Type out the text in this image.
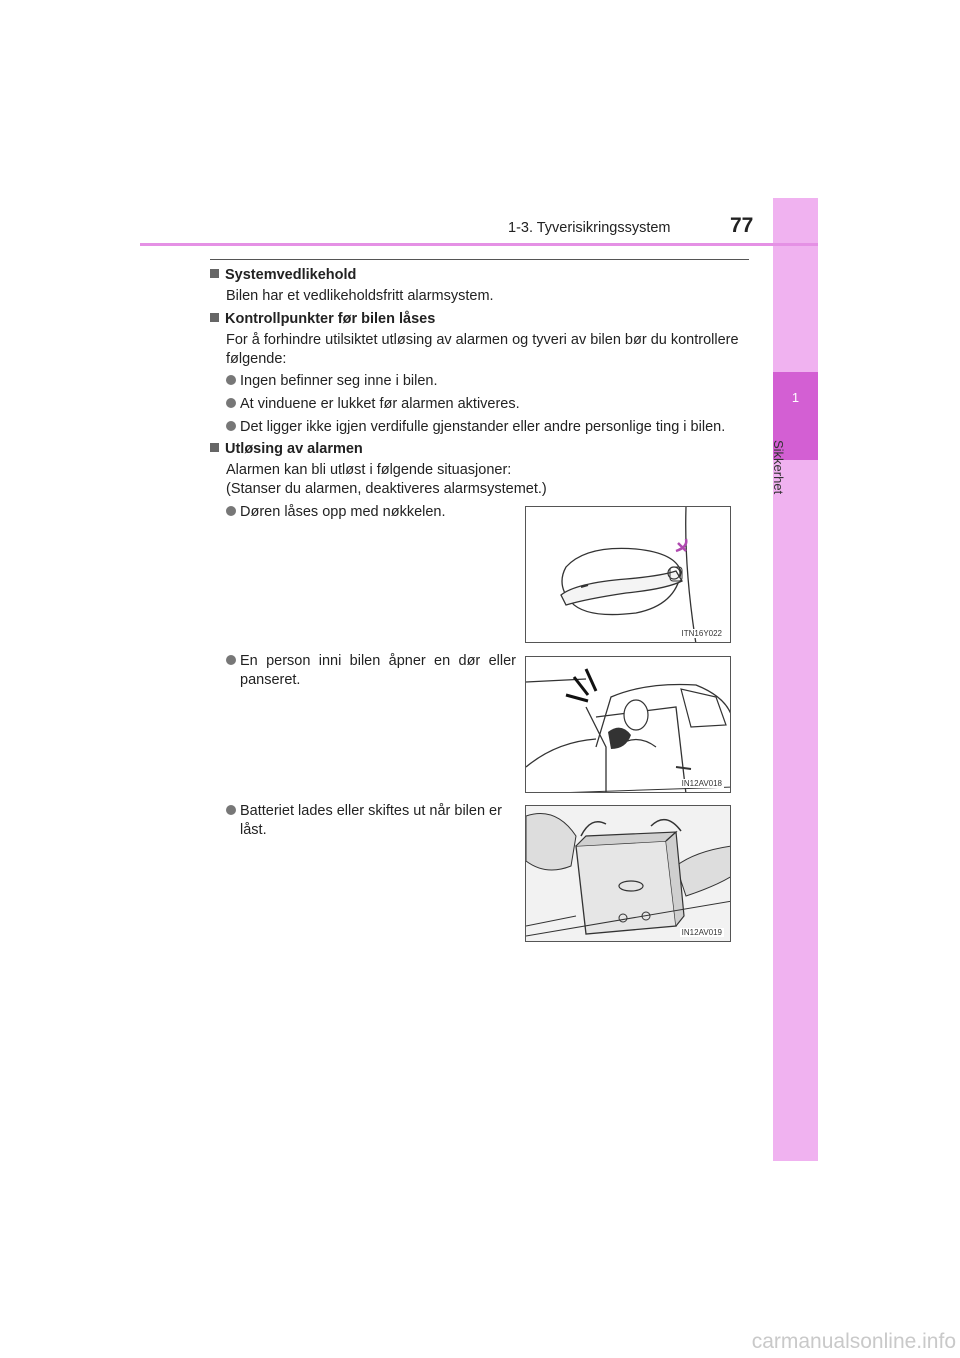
1
Sikkerhet
1-3. Tyverisikringssystem	77
Systemvedlikehold
Bilen har et vedlikeholdsfritt alarmsystem.
Kontrollpunkter før bilen låses
For å forhindre utilsiktet utløsing av alarmen og tyveri av bilen bør du kontrollere
følgende:
Ingen befinner seg inne i bilen.
At vinduene er lukket før alarmen aktiveres.
Det ligger ikke igjen verdifulle gjenstander eller andre personlige ting i bilen.
Utløsing av alarmen
Alarmen kan bli utløst i følgende situasjoner:
(Stanser du alarmen, deaktiveres alarmsystemet.)
Døren låses opp med nøkkelen.
En person inni bilen åpner en dør eller
panseret.
Batteriet lades eller skiftes ut når bilen er
låst.
ITN16Y022
IN12AV018
IN12AV019
carmanualsonline.info
